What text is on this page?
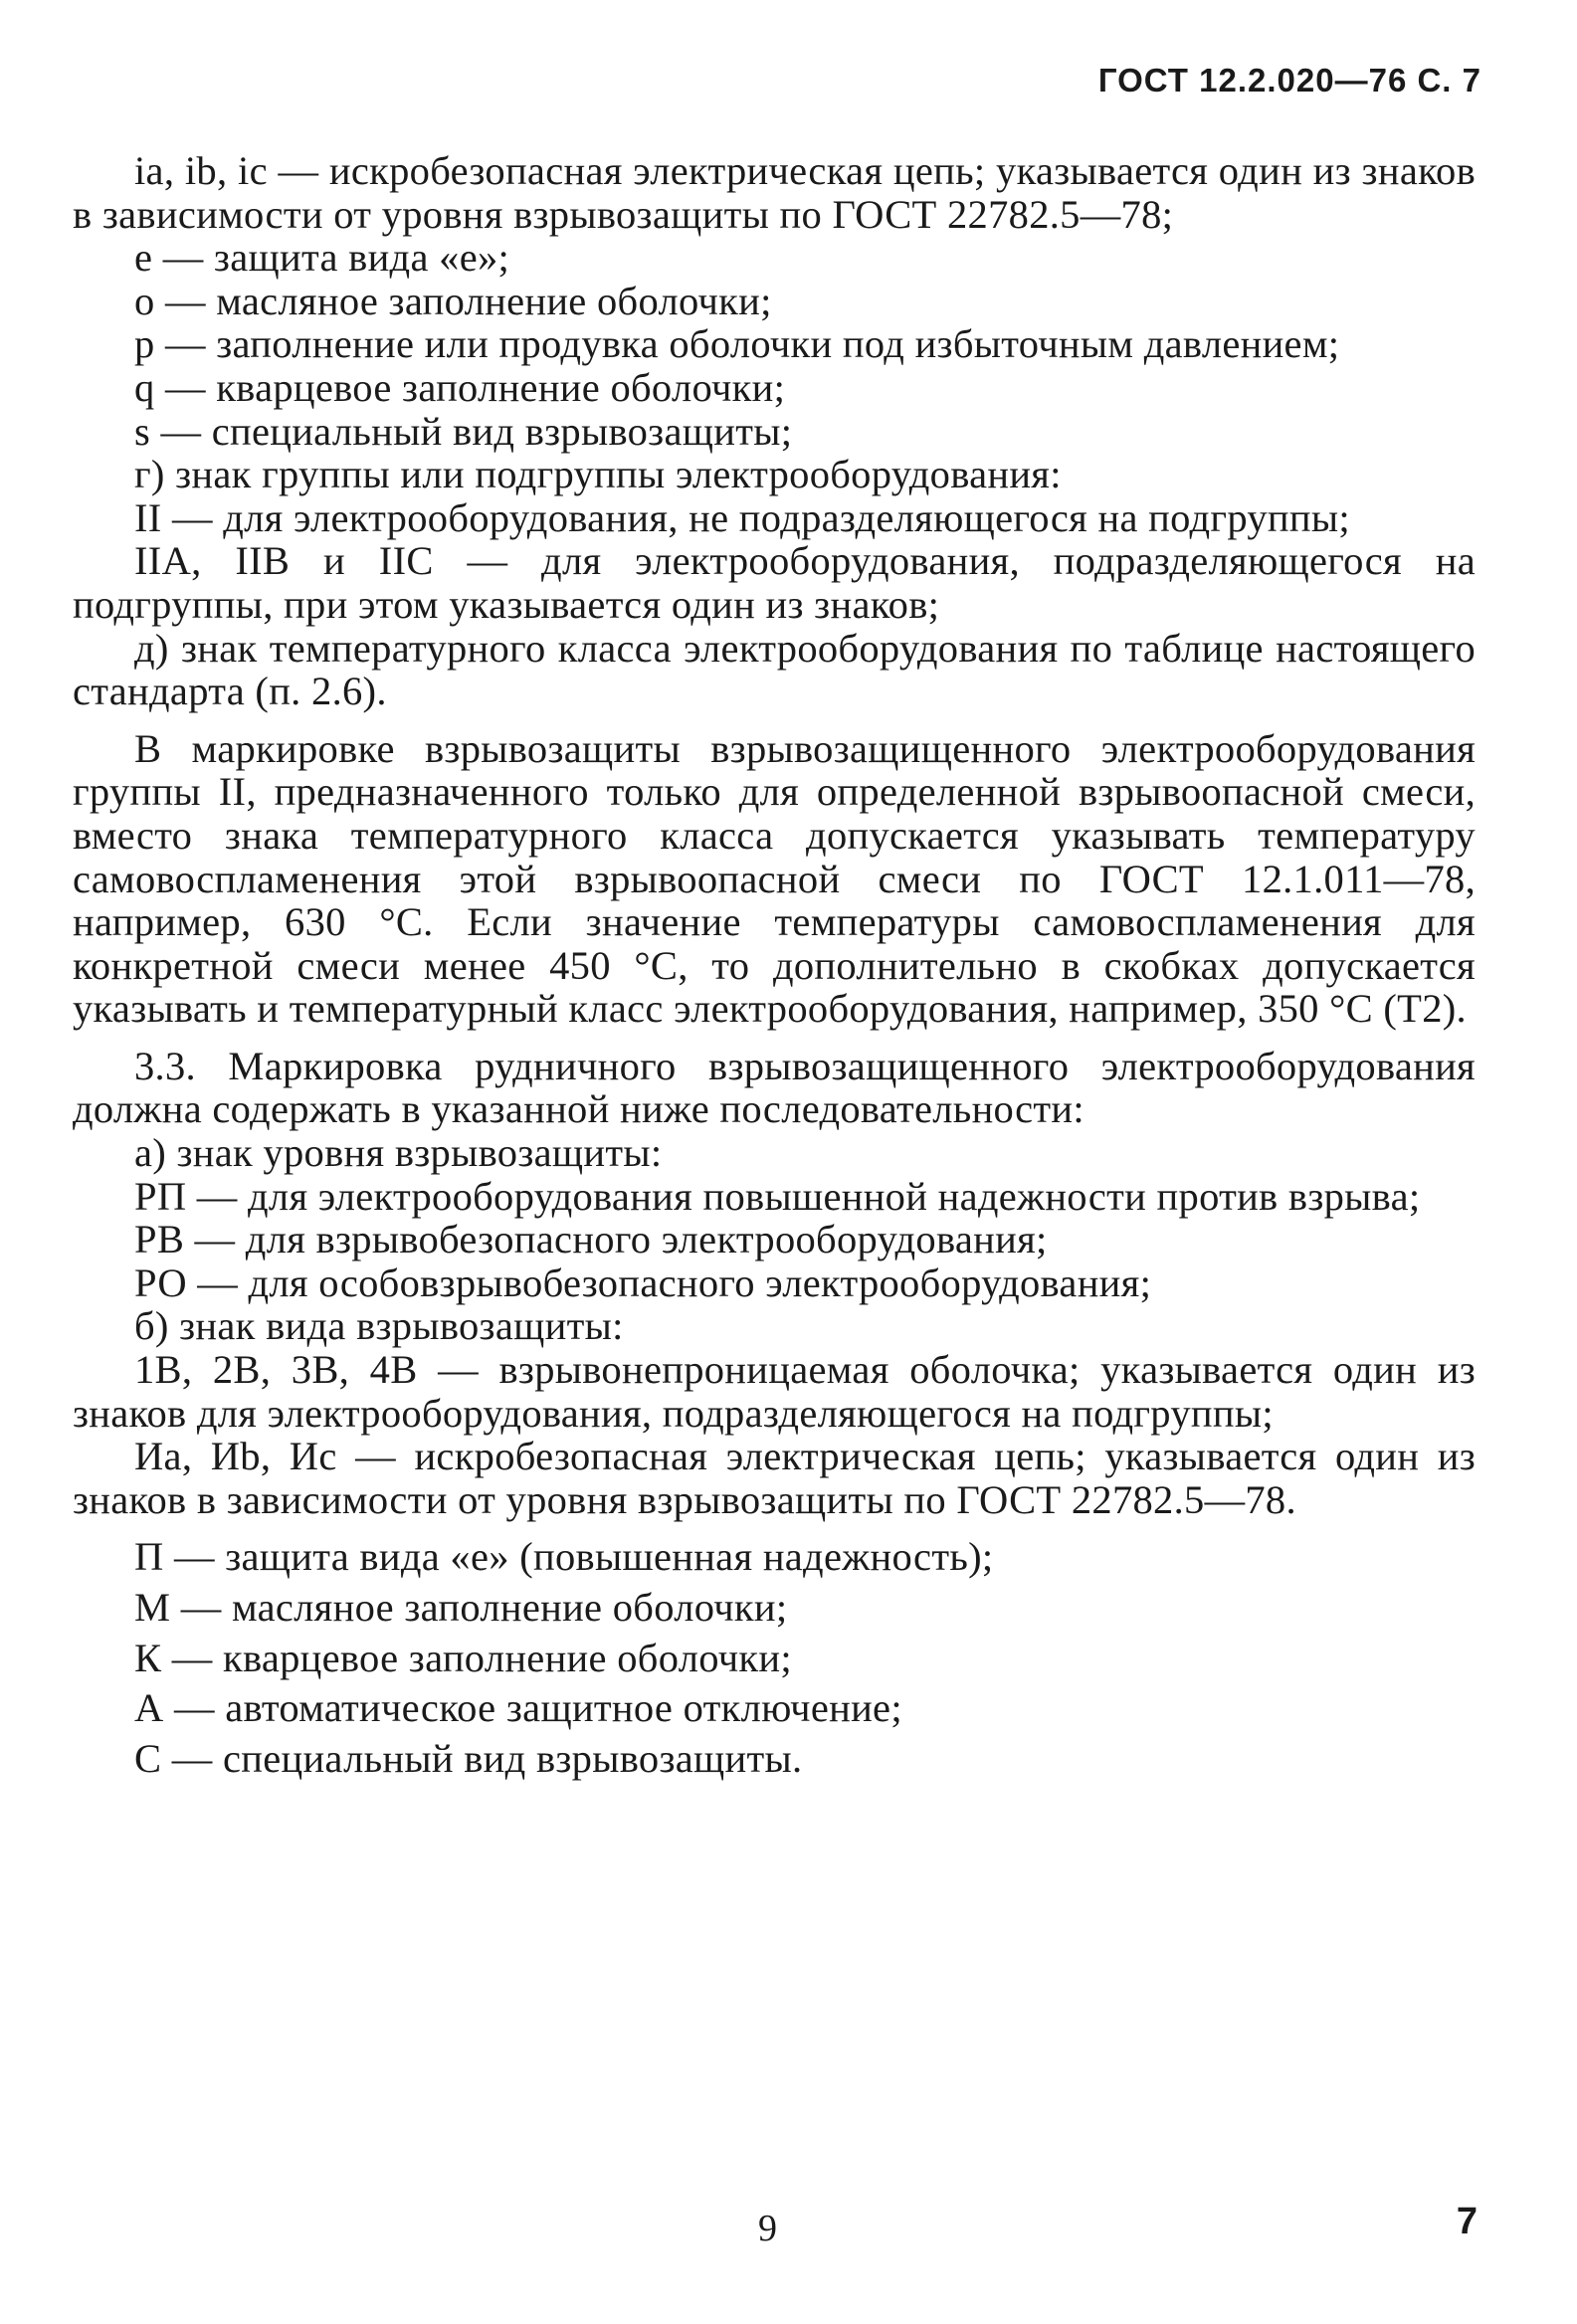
ГОСТ 12.2.020—76 С. 7

ia, ib, ic — искробезопасная электрическая цепь; указывается один из знаков в зависимости от уровня взрывозащиты по ГОСТ 22782.5—78;

е — защита вида «е»;

о — масляное заполнение оболочки;

р — заполнение или продувка оболочки под избыточным давлением;

q — кварцевое заполнение оболочки;

s — специальный вид взрывозащиты;

г) знак группы или подгруппы электрооборудования:

II — для электрооборудования, не подразделяющегося на подгруппы;

IIA, IIB и IIC — для электрооборудования, подразделяющегося на подгруппы, при этом указывается один из знаков;

д) знак температурного класса электрооборудования по таблице настоящего стандарта (п. 2.6).

В маркировке взрывозащиты взрывозащищенного электрооборудования группы II, предназначенного только для определенной взрывоопасной смеси, вместо знака температурного класса допускается указывать температуру самовоспламенения этой взрывоопасной смеси по ГОСТ 12.1.011—78, например, 630 °С. Если значение температуры самовоспламенения для конкретной смеси менее 450 °С, то дополнительно в скобках допускается указывать и температурный класс электрооборудования, например, 350 °С (Т2).

3.3. Маркировка рудничного взрывозащищенного электрооборудования должна содержать в указанной ниже последовательности:

а) знак уровня взрывозащиты:

РП — для электрооборудования повышенной надежности против взрыва;

РВ — для взрывобезопасного электрооборудования;

РО — для особовзрывобезопасного электрооборудования;

б) знак вида взрывозащиты:

1В, 2В, 3В, 4В — взрывонепроницаемая оболочка; указывается один из знаков для электрооборудования, подразделяющегося на подгруппы;

Иа, Иb, Ис — искробезопасная электрическая цепь; указывается один из знаков в зависимости от уровня взрывозащиты по ГОСТ 22782.5—78.

П — защита вида «е» (повышенная надежность);

М — масляное заполнение оболочки;

К — кварцевое заполнение оболочки;

А — автоматическое защитное отключение;

С — специальный вид взрывозащиты.

9	7
